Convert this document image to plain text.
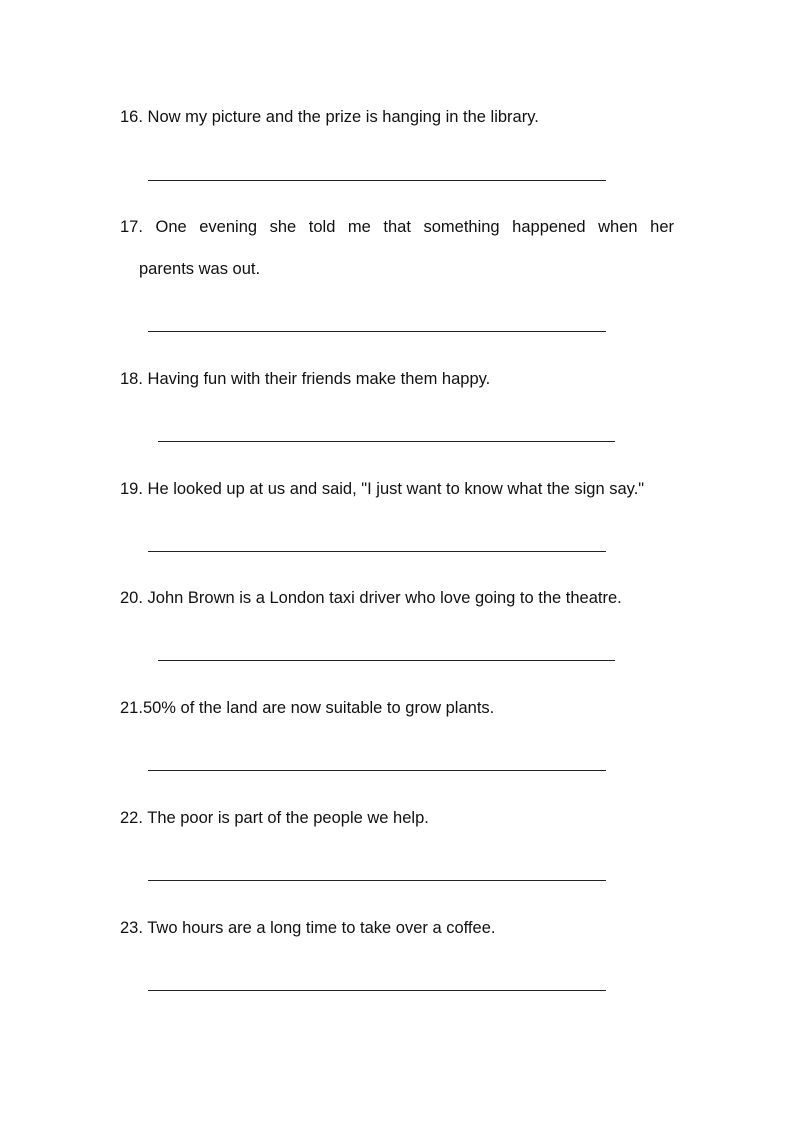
16. Now my picture and the prize is hanging in the library.
17. One evening she told me that something happened when her
parents was out.
18. Having fun with their friends make them happy.
19. He looked up at us and said, "I just want to know what the sign say."
20. John Brown is a London taxi driver who love going to the theatre.
21.50% of the land are now suitable to grow plants.
22. The poor is part of the people we help.
23. Two hours are a long time to take over a coffee.
